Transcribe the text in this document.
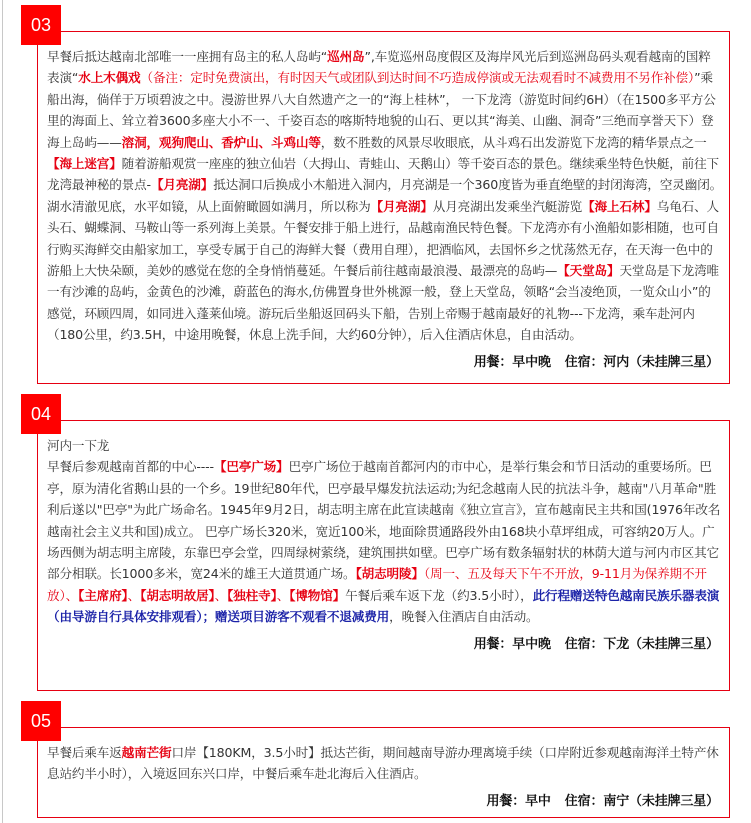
03

早餐后抵达越南北部唯一一座拥有岛主的私人岛屿“巡州岛”,车览巡州岛度假区及海岸风光后到巡洲岛码头观看越南的国粹表演“水上木偶戏（备注：定时免费演出，有时因天气或团队到达时间不巧造成停演或无法观看时不减费用不另作补偿）”乘船出海，倘佯于万顷碧波之中。漫游世界八大自然遗产之一的“海上桂林”， 一下龙湾（游览时间约6H）（在1500多平方公里的海面上、耸立着3600多座大小不一、千姿百态的喀斯特地貌的山石、更以其“海美、山幽、洞奇”三绝而享誉天下）登海上岛屿——溶洞，观狗爬山、香炉山、斗鸡山等，数不胜数的风景尽收眼底，从斗鸡石出发游览下龙湾的精华景点之一【海上迷宫】随着游船观赏一座座的独立仙岩（大拇山、青蛙山、天鹅山）等千姿百态的景色。继续乘坐特色快艇，前往下龙湾最神秘的景点-【月亮湖】抵达洞口后换成小木船进入洞内，月亮湖是一个360度皆为垂直绝壁的封闭海湾，空灵幽闭。湖水清澈见底，水平如镜，从上面俯瞰圆如满月，所以称为【月亮湖】从月亮湖出发乘坐汽艇游览【海上石林】乌龟石、人头石、蝴蝶洞、马鞍山等一系列海上美景。午餐安排于船上进行，品越南渔民特色餐。下龙湾亦有小渔船如影相随，也可自行购买海鲜交由船家加工，享受专属于自己的海鲜大餐（费用自理），把酒临风，去国怀乡之忧荡然无存，在天海一色中的游船上大快朵颐，美妙的感觉在您的全身悄悄蔓延。午餐后前往越南最浪漫、最漂亮的岛屿—【天堂岛】天堂岛是下龙湾唯一有沙滩的岛屿，金黄色的沙滩，蔚蓝色的海水,仿佛置身世外桃源一般，登上天堂岛，领略“会当凌绝顶，一览众山小”的感觉，环顾四周，如同进入蓬莱仙境。游玩后坐船返回码头下船，告别上帝赐于越南最好的礼物---下龙湾，乘车赴河内（180公里，约3.5H，中途用晚餐，休息上洗手间，大约60分钟），后入住酒店休息，自由活动。

用餐：早中晚 住宿：河内（未挂牌三星）
04

河内一下龙

早餐后参观越南首都的中心----【巴亭广场】巴亭广场位于越南首都河内的市中心，是举行集会和节日活动的重要场所。巴亭，原为清化省鹅山县的一个乡。19世纪80年代，巴亭最早爆发抗法运动;为纪念越南人民的抗法斗争，越南"八月革命"胜利后遂以"巴亭"为此广场命名。1945年9月2日，胡志明主席在此宣读越南《独立宣言》，宣布越南民主共和国(1976年改名越南社会主义共和国)成立。 巴亭广场长320米，宽近100米，地面除贯通路段外由168块小草坪组成，可容纳20万人。广场西侧为胡志明主席陵，东靠巴亭会堂，四周绿树萦绕，建筑围拱如壁。巴亭广场有数条辐射状的林荫大道与河内市区其它部分相联。长1000多米，宽24米的雄王大道贯通广场。【胡志明陵】（周一、五及每天下午不开放，9-11月为保养期不开放）、【主席府】、【胡志明故居】、【独柱寺】、【博物馆】午餐后乘车返下龙（约3.5小时），此行程赠送特色越南民族乐器表演（由导游自行具体安排观看）；赠送项目游客不观看不退减费用，晚餐入住酒店自由活动。

用餐：早中晚 住宿：下龙（未挂牌三星）
05

早餐后乘车返越南芒街口岸【180KM，3.5小时】抵达芒街，期间越南导游办理离境手续（口岸附近参观越南海洋土特产休息站约半小时），入境返回东兴口岸，中餐后乘车赴北海后入住酒店。

用餐：早中 住宿：南宁（未挂牌三星）
